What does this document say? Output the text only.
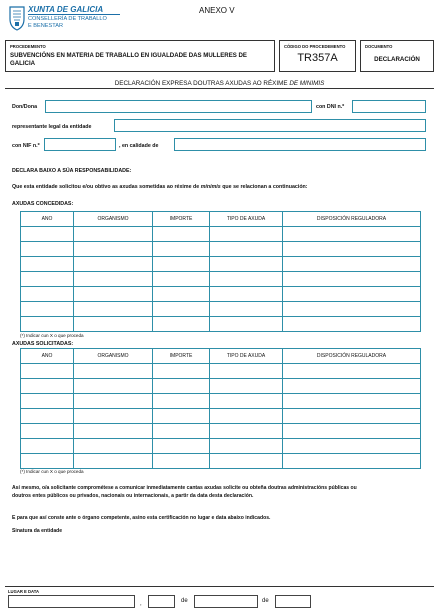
XUNTA DE GALICIA
CONSELLERÍA DE TRABALLO
E BENESTAR
ANEXO V
PROCEDEMENTO
SUBVENCIÓNS EN MATERIA DE TRABALLO EN IGUALDADE DAS MULLERES DE GALICIA
CÓDIGO DO PROCEDEMENTO
TR357A
DOCUMENTO
DECLARACIÓN
DECLARACIÓN EXPRESA DOUTRAS AXUDAS AO RÉXIME DE MINIMIS
Don/Dona	con DNI n.º
representante legal da entidade
con NIF n.º	, en calidade de
DECLARA BAIXO A SÚA RESPONSABILIDADE:
Que esta entidade solicitou e/ou obtivo as axudas sometidas ao réxime de mínimis que se relacionan a continuación:
AXUDAS CONCEDIDAS:
ANO	ORGANISMO	IMPORTE	TIPO DE AXUDA	DISPOSICIÓN REGULADORA

(*) Indicar cun X o que proceda
AXUDAS SOLICITADAS:
ANO	ORGANISMO	IMPORTE	TIPO DE AXUDA	DISPOSICIÓN REGULADORA

(*) Indicar cun X o que proceda
Así mesmo, o/a solicitante comprométese a comunicar inmediatamente cantas axudas solicite ou obteña doutras administracións públicas ou
doutros entes públicos ou privados, nacionais ou internacionais, a partir da data desta declaración.
E para que así conste ante o órgano competente, asino esta certificación no lugar e data abaixo indicados.
Sinatura da entidade
LUGAR E DATA
,	de	de
